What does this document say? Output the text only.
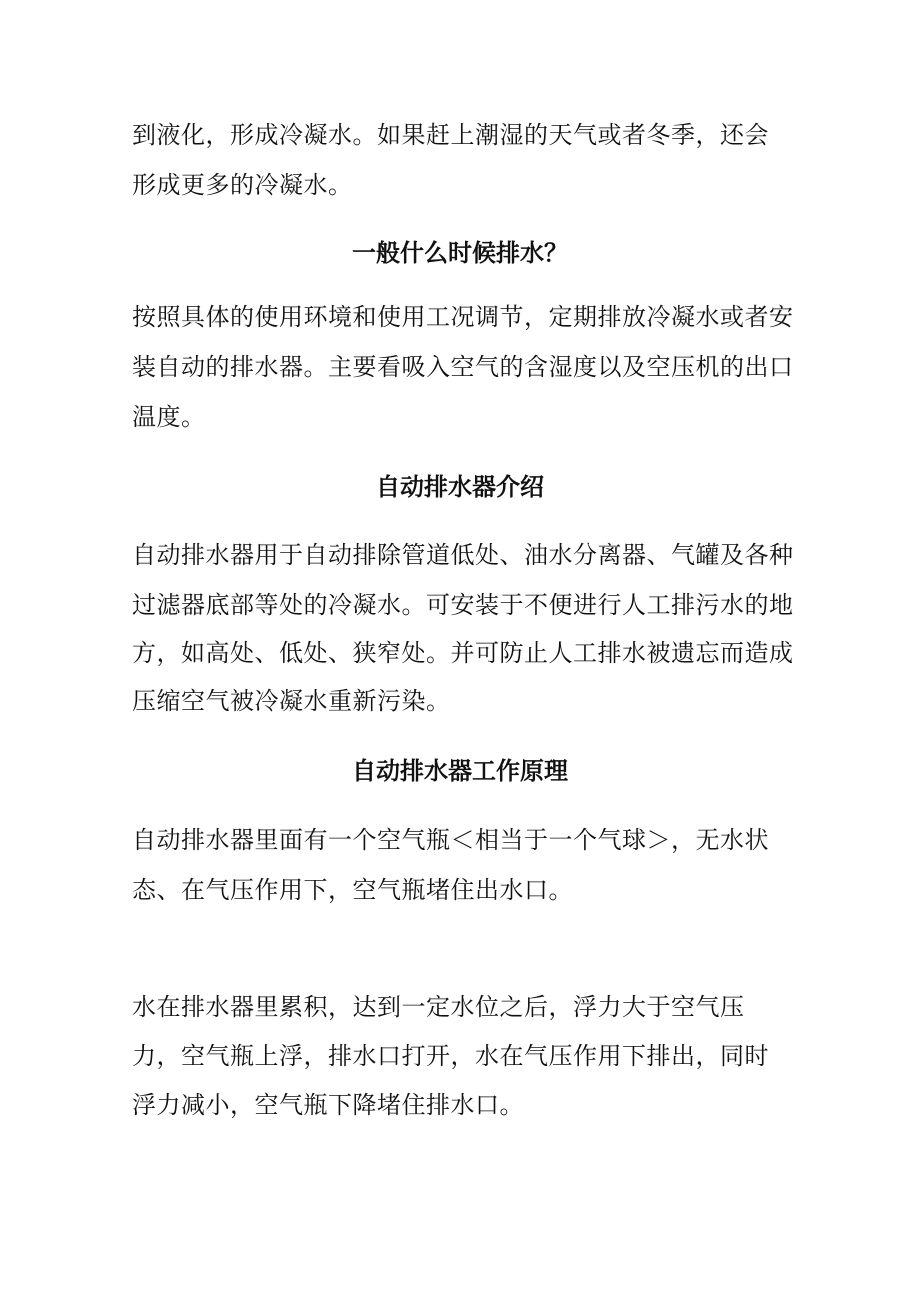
到液化，形成冷凝水。如果赶上潮湿的天气或者冬季，还会
形成更多的冷凝水。
一般什么时候排水？
按照具体的使用环境和使用工况调节，定期排放冷凝水或者安
装自动的排水器。主要看吸入空气的含湿度以及空压机的出口
温度。
自动排水器介绍
自动排水器用于自动排除管道低处、油水分离器、气罐及各种
过滤器底部等处的冷凝水。可安装于不便进行人工排污水的地
方，如高处、低处、狭窄处。并可防止人工排水被遗忘而造成
压缩空气被冷凝水重新污染。
自动排水器工作原理
自动排水器里面有一个空气瓶＜相当于一个气球＞，无水状
态、在气压作用下，空气瓶堵住出水口。
水在排水器里累积，达到一定水位之后，浮力大于空气压
力，空气瓶上浮，排水口打开，水在气压作用下排出，同时
浮力减小，空气瓶下降堵住排水口。
